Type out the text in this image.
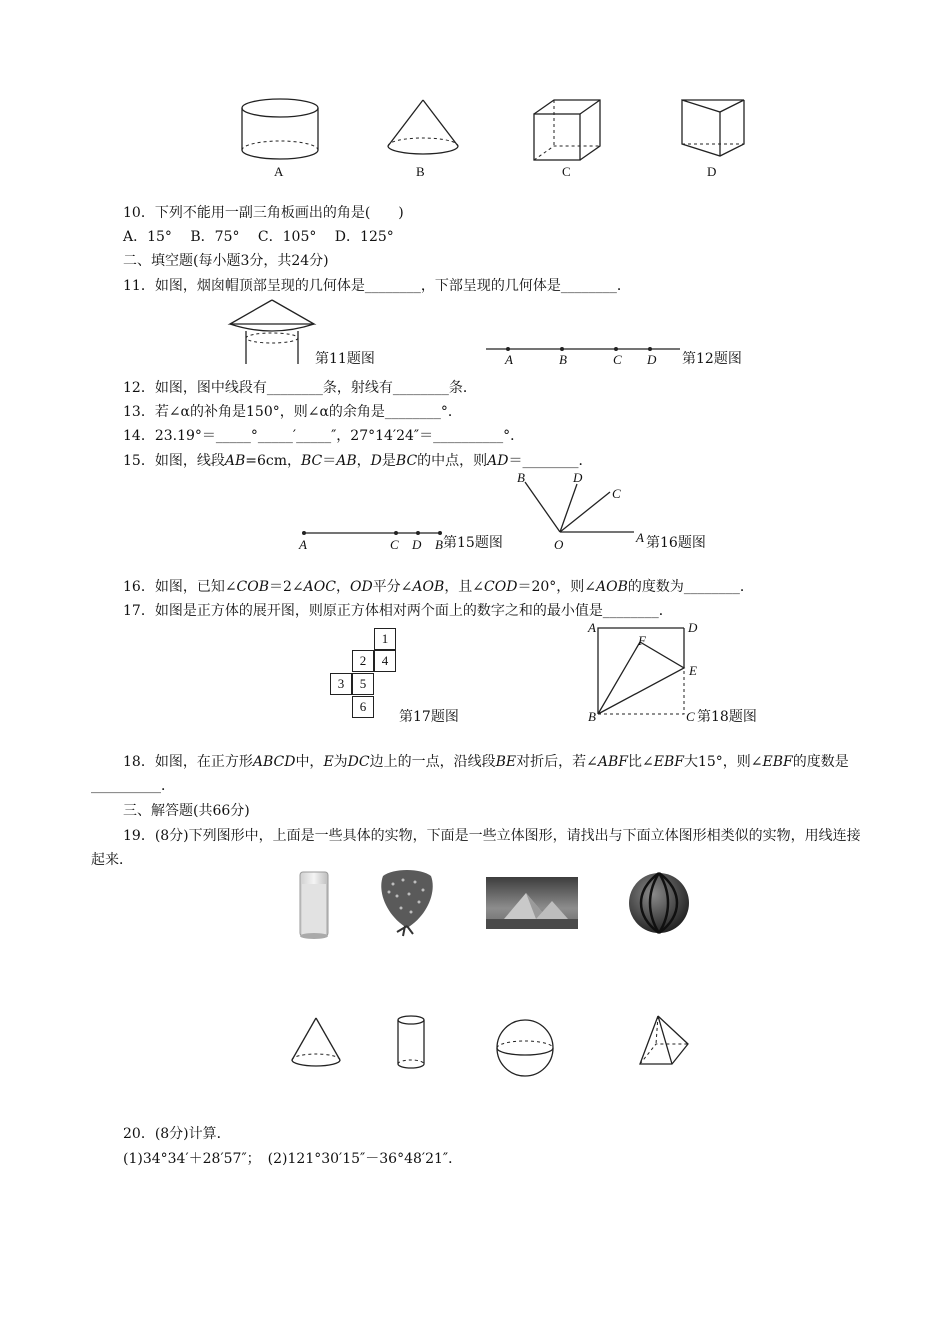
A	B	C	D
10．下列不能用一副三角板画出的角是(　　)
A．15°　 B．75°　 C．105°　 D．125°
二、填空题(每小题3分，共24分)
11．如图，烟囱帽顶部呈现的几何体是________，下部呈现的几何体是________．
第11题图	A	B	C D 第12题图
12．如图，图中线段有________条，射线有________条．
13．若∠α的补角是150°，则∠α的余角是________°．
14．23.19°＝_____°_____′_____″，27°14′24″＝__________°．
15．如图，线段AB=6cm，BC＝AB，D是BC的中点，则AD＝________．
A	C D B 第15题图
B	D
C
O	A 第16题图
16．如图，已知∠COB＝2∠AOC，OD平分∠AOB，且∠COD＝20°，则∠AOB的度数为________．
17．如图是正方体的展开图，则原正方体相对两个面上的数字之和的最小值是________．
1
2	4
3	5
6
第17题图
A	D
F
E
B	C 第18题图
18．如图，在正方形ABCD中，E为DC边上的一点，沿线段BE对折后，若∠ABF比∠EBF大15°，则∠EBF的度数是__________．
三、解答题(共66分)
19．(8分)下列图形中，上面是一些具体的实物，下面是一些立体图形，请找出与下面立体图形相类似的实物，用线连接起来．
20．(8分)计算．
(1)34°34′＋28′57″；　(2)121°30′15″－36°48′21″．
